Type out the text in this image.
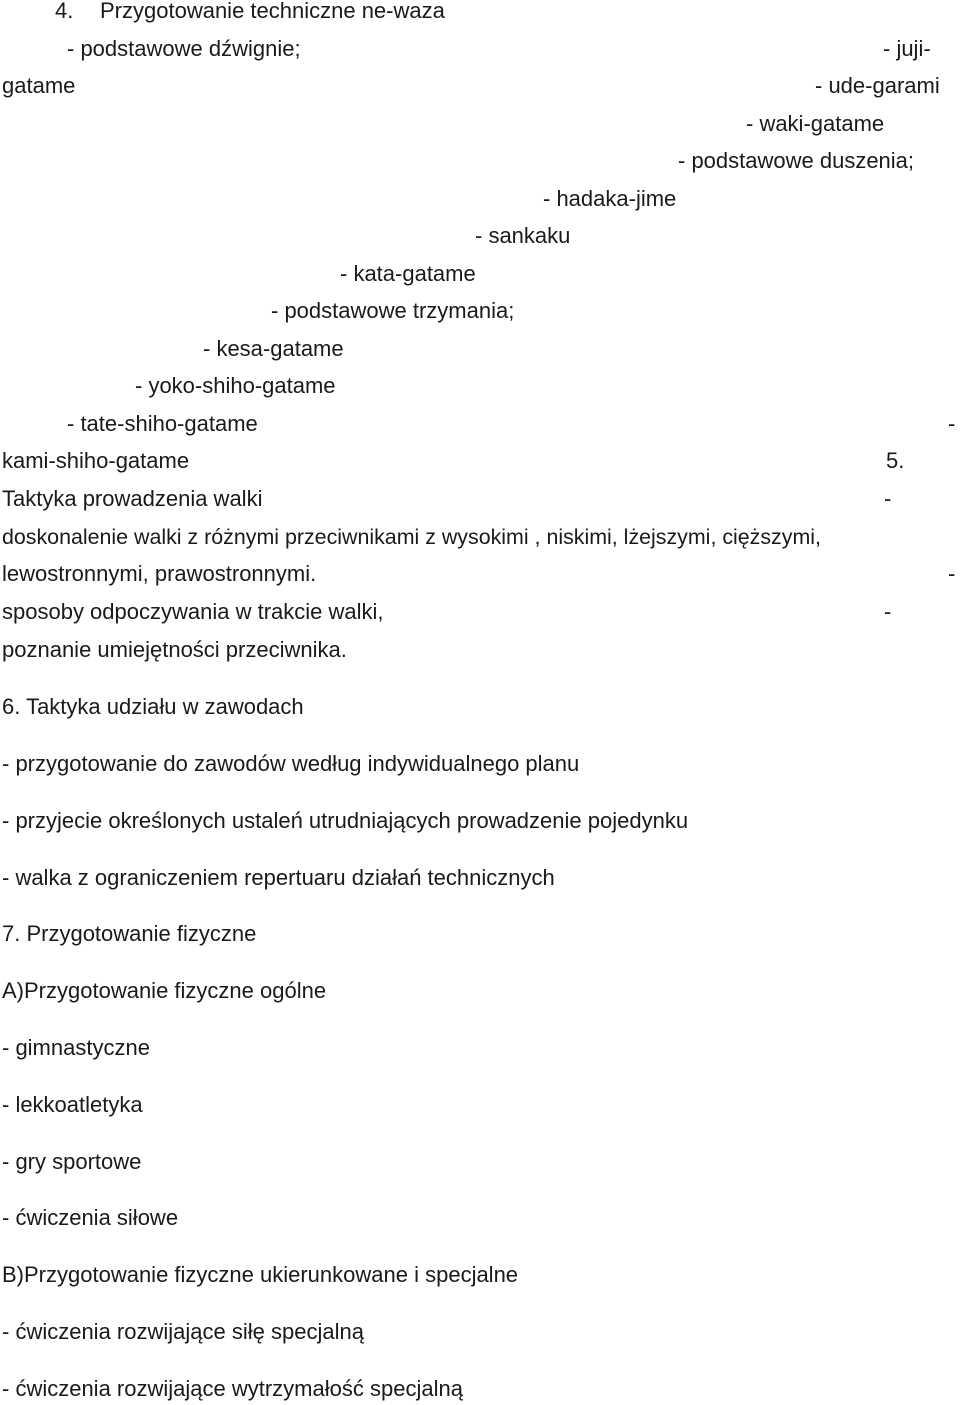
4. Przygotowanie techniczne ne-waza
- podstawowe dźwignie;	- juji-
gatame	- ude-garami
- waki-gatame
- podstawowe duszenia;
- hadaka-jime
- sankaku
- kata-gatame
- podstawowe trzymania;
- kesa-gatame
- yoko-shiho-gatame
- tate-shiho-gatame	-
kami-shiho-gatame	5.
Taktyka prowadzenia walki	-
doskonalenie walki z różnymi przeciwnikami z wysokimi , niskimi, lżejszymi, cięższymi,
lewostronnymi, prawostronnymi.	-
sposoby odpoczywania w trakcie walki,	-
poznanie umiejętności przeciwnika.
6. Taktyka udziału w zawodach
- przygotowanie do zawodów według indywidualnego planu
- przyjecie określonych ustaleń utrudniających prowadzenie pojedynku
- walka z ograniczeniem repertuaru działań technicznych
7. Przygotowanie fizyczne
A)Przygotowanie fizyczne ogólne
- gimnastyczne
- lekkoatletyka
- gry sportowe
- ćwiczenia siłowe
B)Przygotowanie fizyczne ukierunkowane i specjalne
- ćwiczenia rozwijające siłę specjalną
- ćwiczenia rozwijające wytrzymałość specjalną
